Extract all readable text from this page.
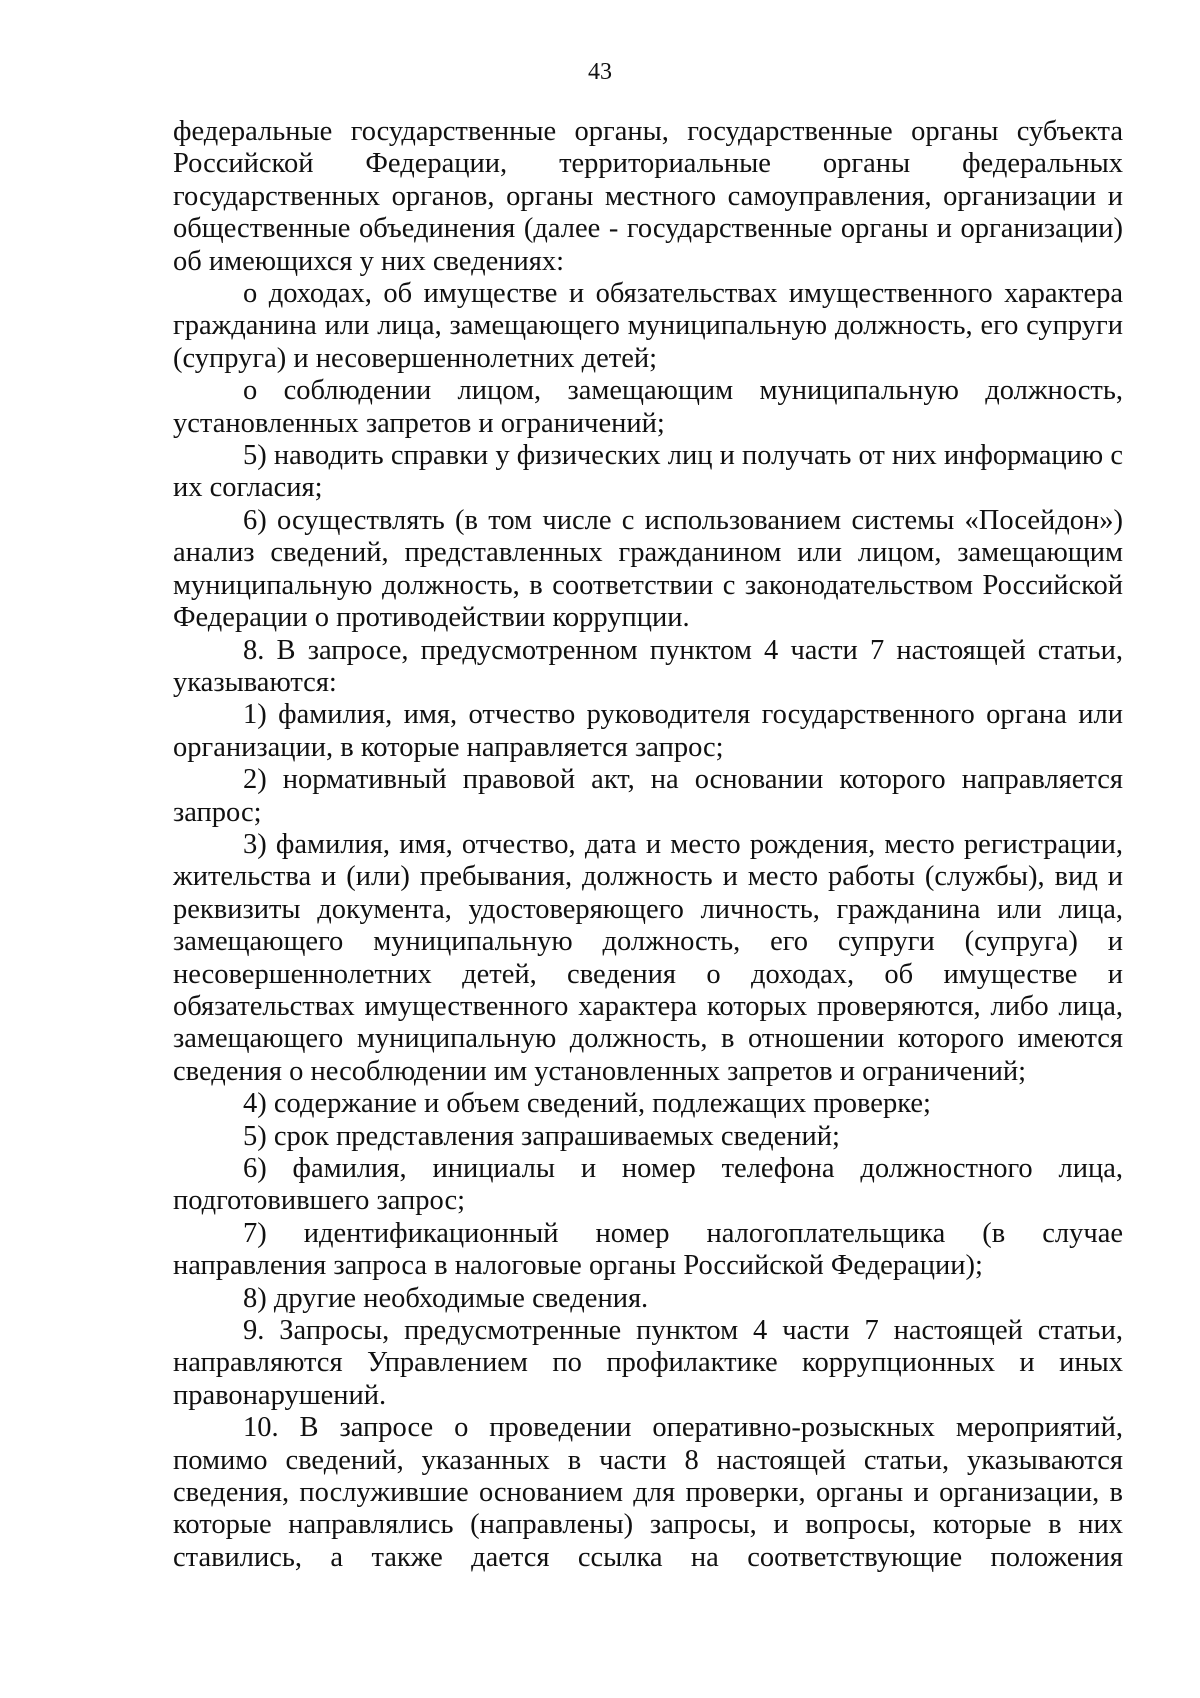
43

федеральные государственные органы, государственные органы субъекта Российской Федерации, территориальные органы федеральных государственных органов, органы местного самоуправления, организации и общественные объединения (далее - государственные органы и организации) об имеющихся у них сведениях:

о доходах, об имуществе и обязательствах имущественного характера гражданина или лица, замещающего муниципальную должность, его супруги (супруга) и несовершеннолетних детей;

о соблюдении лицом, замещающим муниципальную должность, установленных запретов и ограничений;

5) наводить справки у физических лиц и получать от них информацию с их согласия;

6) осуществлять (в том числе с использованием системы «Посейдон») анализ сведений, представленных гражданином или лицом, замещающим муниципальную должность, в соответствии с законодательством Российской Федерации о противодействии коррупции.

8. В запросе, предусмотренном пунктом 4 части 7 настоящей статьи, указываются:

1) фамилия, имя, отчество руководителя государственного органа или организации, в которые направляется запрос;

2) нормативный правовой акт, на основании которого направляется запрос;

3) фамилия, имя, отчество, дата и место рождения, место регистрации, жительства и (или) пребывания, должность и место работы (службы), вид и реквизиты документа, удостоверяющего личность, гражданина или лица, замещающего муниципальную должность, его супруги (супруга) и несовершеннолетних детей, сведения о доходах, об имуществе и обязательствах имущественного характера которых проверяются, либо лица, замещающего муниципальную должность, в отношении которого имеются сведения о несоблюдении им установленных запретов и ограничений;

4) содержание и объем сведений, подлежащих проверке;

5) срок представления запрашиваемых сведений;

6) фамилия, инициалы и номер телефона должностного лица, подготовившего запрос;

7) идентификационный номер налогоплательщика (в случае направления запроса в налоговые органы Российской Федерации);

8) другие необходимые сведения.

9. Запросы, предусмотренные пунктом 4 части 7 настоящей статьи, направляются Управлением по профилактике коррупционных и иных правонарушений.

10. В запросе о проведении оперативно-розыскных мероприятий, помимо сведений, указанных в части 8 настоящей статьи, указываются сведения, послужившие основанием для проверки, органы и организации, в которые направлялись (направлены) запросы, и вопросы, которые в них ставились, а также дается ссылка на соответствующие положения
